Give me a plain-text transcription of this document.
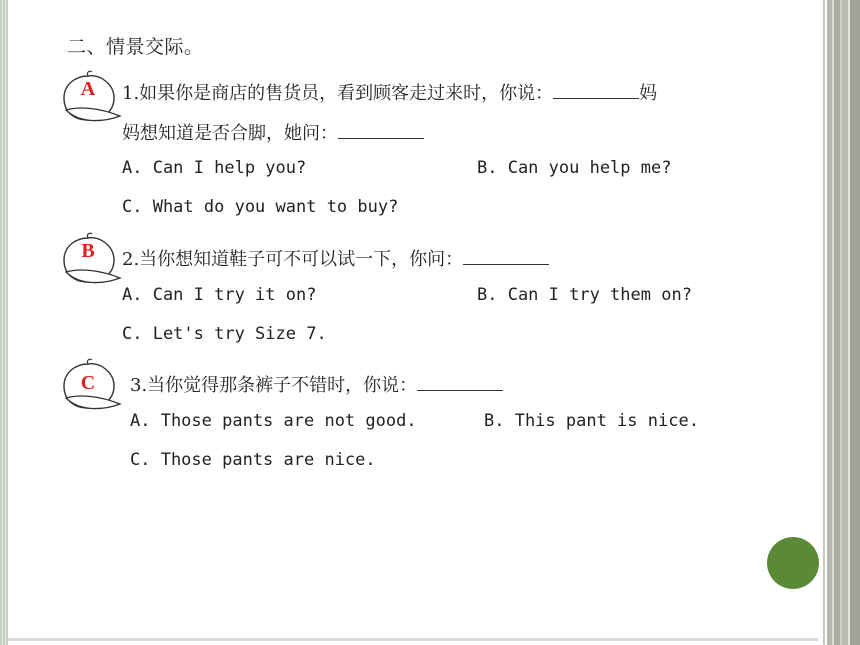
二、情景交际。
A	1.如果你是商店的售货员，看到顾客走过来时，你说：	妈
妈想知道是否合脚，她问：
A. Can I help you?	B. Can you help me?
C. What do you want to buy?
B	2.当你想知道鞋子可不可以试一下，你问：
A. Can I try it on?	B. Can I try them on?
C. Let's try Size 7.
C	3.当你觉得那条裤子不错时，你说：
A. Those pants are not good.	B. This pant is nice.
C. Those pants are nice.
